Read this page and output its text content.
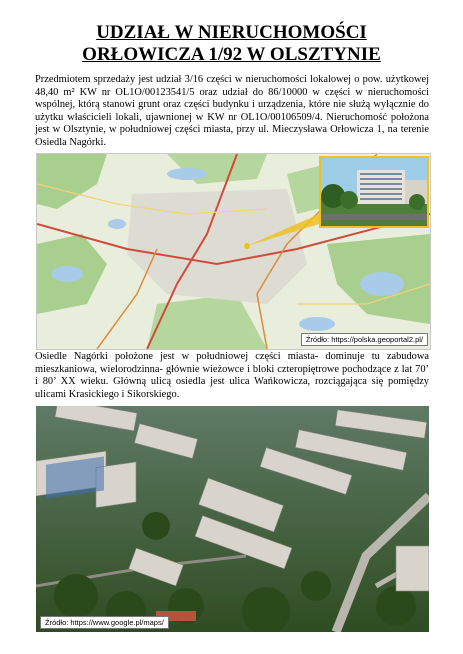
UDZIAŁ W NIERUCHOMOŚCI
ORŁOWICZA 1/92 W OLSZTYNIE
Przedmiotem sprzedaży jest udział 3/16 części w nieruchomości lokalowej o pow. użytkowej 48,40 m² KW nr OL1O/00123541/5 oraz udział do 86/10000 w części w nieruchomości wspólnej, którą stanowi grunt oraz części budynku i urządzenia, które nie służą wyłącznie do użytku właścicieli lokali, ujawnionej w KW nr OL1O/00106509/4. Nieruchomość położona jest w Olsztynie, w południowej części miasta, przy ul. Mieczysława Orłowicza 1, na terenie Osiedla Nagórki.
Źródło: https://polska.geoportal2.pl/
Osiedle Nagórki położone jest w południowej części miasta- dominuje tu zabudowa mieszkaniowa, wielorodzinna- głównie wieżowce i bloki czteropiętrowe pochodzące z lat 70’ i 80’ XX wieku. Główną ulicą osiedla jest ulica Wańkowicza, rozciągająca się pomiędzy ulicami Krasickiego i Sikorskiego.
Źródło: https://www.google.pl/maps/
